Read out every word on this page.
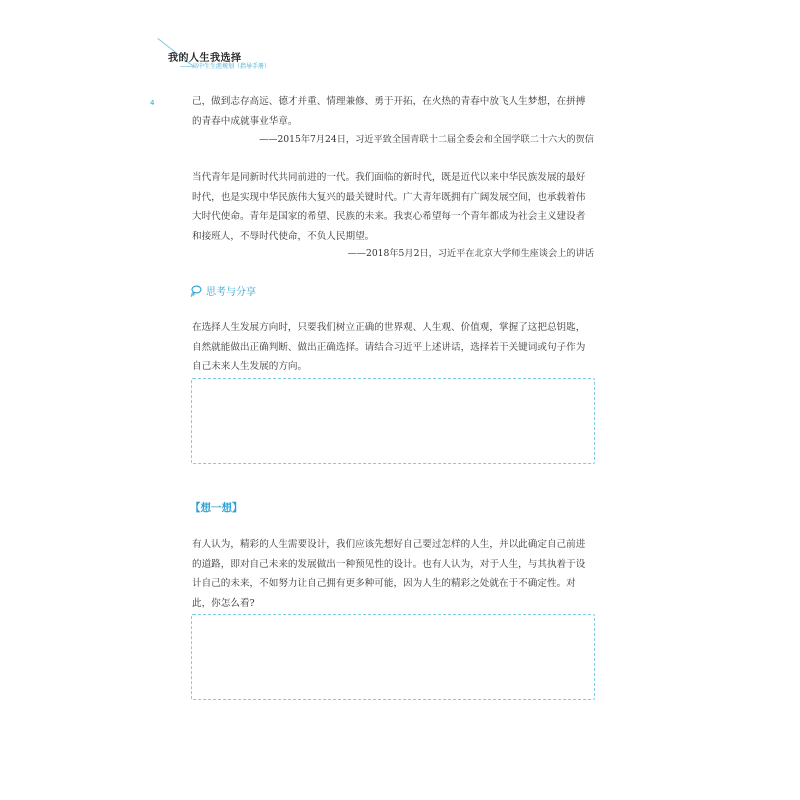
我的人生我选择
——高中生生涯规划（指导手册）
4	己，做到志存高远、德才并重、情理兼修、勇于开拓，在火热的青春中放飞人生梦想，在拼搏的青春中成就事业华章。

——2015年7月24日，习近平致全国青联十二届全委会和全国学联二十六大的贺信

当代青年是同新时代共同前进的一代。我们面临的新时代，既是近代以来中华民族发展的最好时代，也是实现中华民族伟大复兴的最关键时代。广大青年既拥有广阔发展空间，也承载着伟大时代使命。青年是国家的希望、民族的未来。我衷心希望每一个青年都成为社会主义建设者和接班人，不辱时代使命，不负人民期望。

——2018年5月2日，习近平在北京大学师生座谈会上的讲话
思考与分享

在选择人生发展方向时，只要我们树立正确的世界观、人生观、价值观，掌握了这把总钥匙，自然就能做出正确判断、做出正确选择。请结合习近平上述讲话，选择若干关键词或句子作为自己未来人生发展的方向。

【想一想】

有人认为，精彩的人生需要设计，我们应该先想好自己要过怎样的人生，并以此确定自己前进的道路，即对自己未来的发展做出一种预见性的设计。也有人认为，对于人生，与其执着于设计自己的未来，不如努力让自己拥有更多种可能，因为人生的精彩之处就在于不确定性。对此，你怎么看?
